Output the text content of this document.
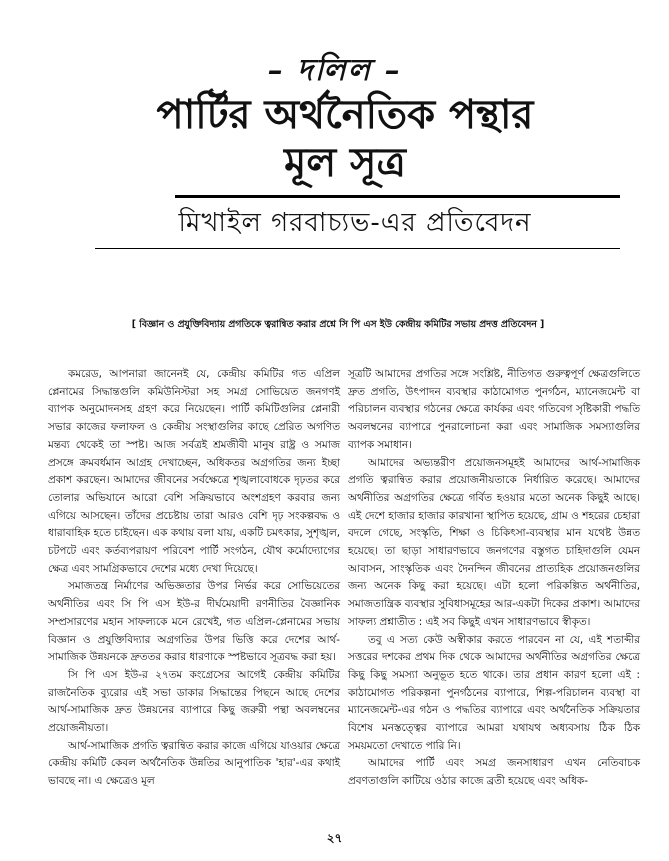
– দলিল –
পার্টির অর্থনৈতিক পন্থার
মূল সূত্র
মিখাইল গরবাচ্যভ-এর প্রতিবেদন
[ বিজ্ঞান ও প্রযুক্তিবিদ্যায় প্রগতিকে ত্বরান্বিত করার প্রশ্নে সি পি এস ইউ কেন্দ্রীয় কমিটির সভায় প্রদত্ত প্রতিবেদন ]

কমরেড, আপনারা জানেনই যে, কেন্দ্রীয় কমিটির গত এপ্রিল প্লেনামের সিদ্ধান্তগুলি কমিউনিস্টরা সহ সমগ্র সোভিয়েত জনগণই ব্যাপক অনুমোদনসহ গ্রহণ করে নিয়েছেন। পার্টি কমিটিগুলির প্লেনারী সভার কাজের ফলাফল ও কেন্দ্রীয় সংস্থাগুলির কাছে প্রেরিত অগণিত মন্তব্য থেকেই তা স্পষ্ট। আজ সর্বত্রই শ্রমজীবী মানুষ রাষ্ট্র ও সমাজ প্রসঙ্গে ক্রমবর্ধমান আগ্রহ দেখাচ্ছেন, অধিকতর অগ্রগতির জন্য ইচ্ছা প্রকাশ করছেন। আমাদের জীবনের সর্বক্ষেত্রে শৃঙ্খলাবোধকে দৃঢ়তর করে তোলার অভিযানে আরো বেশি সক্রিয়ভাবে অংশগ্রহণ করবার জন্য এগিয়ে আসছেন। তাঁদের প্রচেষ্টায় তারা আরও বেশি দৃঢ় সংকল্পবদ্ধ ও ধারাবাহিক হতে চাইছেন। এক কথায় বলা যায়, একটি চমৎকার, সুশৃঙ্খল, চটপটে এবং কর্তব্যপরায়ণ পরিবেশ পার্টি সংগঠন, যৌথ কর্মোদ্যোগের ক্ষেত্র এবং সামগ্রিকভাবে দেশের মধ্যে দেখা দিয়েছে।

সমাজতন্ত্র নির্মাণের অভিজ্ঞতার উপর নির্ভর করে সোভিয়েতের অর্থনীতির এবং সি পি এস ইউ-র দীর্ঘমেয়াদী রণনীতির বৈজ্ঞানিক সম্প্রসারণের মহান সাফল্যকে মনে রেখেই, গত এপ্রিল-প্লেনামের সভায় বিজ্ঞান ও প্রযুক্তিবিদ্যার অগ্রগতির উপর ভিত্তি করে দেশের আর্থ-সামাজিক উন্নয়নকে দ্রুততর করার ধারণাকে স্পষ্টভাবে সূত্রবদ্ধ করা হয়।

সি পি এস ইউ-র ২৭তম কংগ্রেসের আগেই কেন্দ্রীয় কমিটির রাজনৈতিক ব্যুরোর এই সভা ডাকার সিদ্ধান্তের পিছনে আছে দেশের আর্থ-সামাজিক দ্রুত উন্নয়নের ব্যাপারে কিছু জরুরী পন্থা অবলম্বনের প্রয়োজনীয়তা।

আর্থ-সামাজিক প্রগতি ত্বরান্বিত করার কাজে এগিয়ে যাওয়ার ক্ষেত্রে কেন্দ্রীয় কমিটি কেবল অর্থনৈতিক উন্নতির আনুপাতিক 'হার'-এর কথাই ভাবছে না। এ ক্ষেত্রেও মূল

সূত্রটি আমাদের প্রগতির সঙ্গে সংশ্লিষ্ট, নীতিগত গুরুত্বপূর্ণ ক্ষেত্রগুলিতে দ্রুত প্রগতি, উৎপাদন ব্যবস্থার কাঠামোগত পুনর্গঠন, ম্যানেজমেন্ট বা পরিচালন ব্যবস্থার গঠনের ক্ষেত্রে কার্যকর এবং গতিবেগ সৃষ্টিকারী পদ্ধতি অবলম্বনের ব্যাপারে পুনরালোচনা করা এবং সামাজিক সমস্যাগুলির ব্যাপক সমাধান।

আমাদের অভ্যন্তরীণ প্রয়োজনসমূহই আমাদের আর্থ-সামাজিক প্রগতি ত্বরান্বিত করার প্রয়োজনীয়তাকে নির্ধারিত করেছে। আমাদের অর্থনীতির অগ্রগতির ক্ষেত্রে গর্বিত হওয়ার মতো অনেক কিছুই আছে। এই দেশে হাজার হাজার কারখানা স্থাপিত হয়েছে, গ্রাম ও শহরের চেহারা বদলে গেছে, সংস্কৃতি, শিক্ষা ও চিকিৎসা-ব্যবস্থার মান যথেষ্ট উন্নত হয়েছে। তা ছাড়া সাধারণভাবে জনগণের বস্তুগত চাহিদাগুলি যেমন আবাসন, সাংস্কৃতিক এবং দৈনন্দিন জীবনের প্রাত্যহিক প্রয়োজনগুলির জন্য অনেক কিছু করা হয়েছে। এটা হলো পরিকল্পিত অর্থনীতির, সমাজতান্ত্রিক ব্যবস্থার সুবিধাসমূহের আর-একটা দিকের প্রকাশ। আমাদের সাফল্য প্রশ্নাতীত : এই সব কিছুই এখন সাধারণভাবে স্বীকৃত।

তবু এ সত্য কেউ অস্বীকার করতে পারবেন না যে, এই শতাব্দীর সত্তরের দশকের প্রথম দিক থেকে আমাদের অর্থনীতির অগ্রগতির ক্ষেত্রে কিছু কিছু সমস্যা অনুভূত হতে থাকে। তার প্রধান কারণ হলো এই : কাঠামোগত পরিকল্পনা পুনর্গঠনের ব্যাপারে, শিল্প-পরিচালন ব্যবস্থা বা ম্যানেজমেন্ট-এর গঠন ও পদ্ধতির ব্যাপারে এবং অর্থনৈতিক সক্রিয়তার বিশেষ মনস্তত্ত্বের ব্যাপারে আমরা যথাযথ অধ্যবসায় ঠিক ঠিক সময়মতো দেখাতে পারি নি।

আমাদের পার্টি এবং সমগ্র জনসাধারণ এখন নেতিবাচক প্রবণতাগুলি কাটিয়ে ওঠার কাজে ব্রতী হয়েছে এবং অধিক-

২৭
